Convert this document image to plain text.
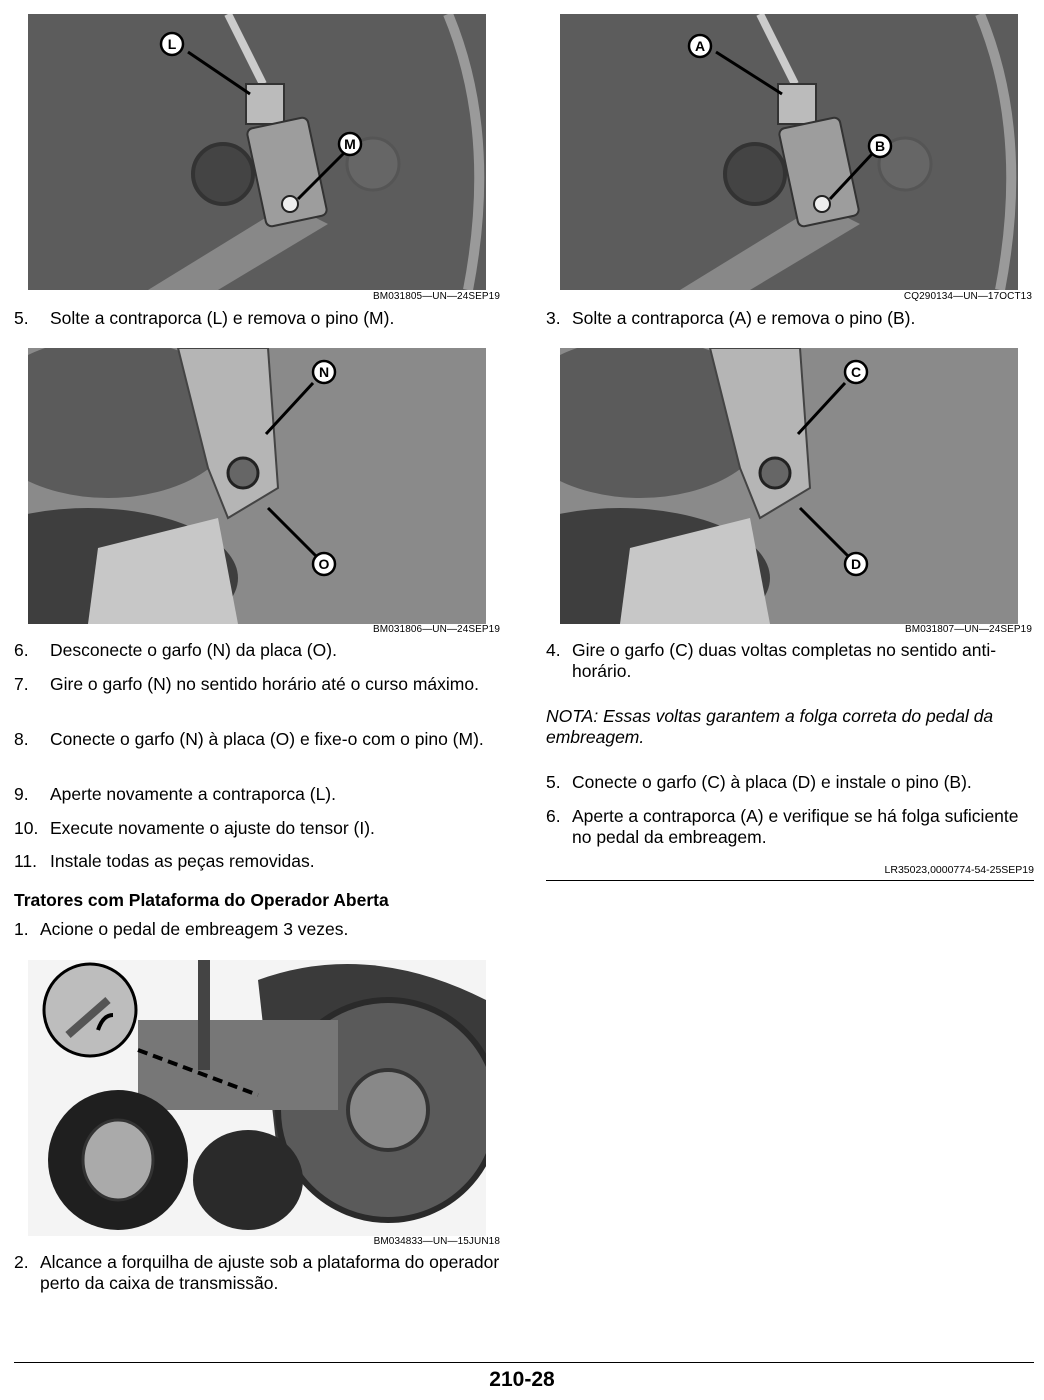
L
M
BM031805—UN—24SEP19
5.	Solte a contraporca (L) e remova o pino (M).
N
O
BM031806—UN—24SEP19
6.	Desconecte o garfo (N) da placa (O).
7.	Gire o garfo (N) no sentido horário até o curso máximo.
8.	Conecte o garfo (N) à placa (O) e fixe-o com o pino (M).
9.	Aperte novamente a contraporca (L).
10. Execute novamente o ajuste do tensor (I).
11. Instale todas as peças removidas.
Tratores com Plataforma do Operador Aberta
1. Acione o pedal de embreagem 3 vezes.
BM034833—UN—15JUN18
2. Alcance a forquilha de ajuste sob a plataforma do operador perto da caixa de transmissão.
A
B
CQ290134—UN—17OCT13
3. Solte a contraporca (A) e remova o pino (B).
C
D
BM031807—UN—24SEP19
4. Gire o garfo (C) duas voltas completas no sentido anti-horário.
NOTA: Essas voltas garantem a folga correta do pedal da embreagem.
5. Conecte o garfo (C) à placa (D) e instale o pino (B).
6. Aperte a contraporca (A) e verifique se há folga suficiente no pedal da embreagem.
LR35023,0000774-54-25SEP19
210-28
